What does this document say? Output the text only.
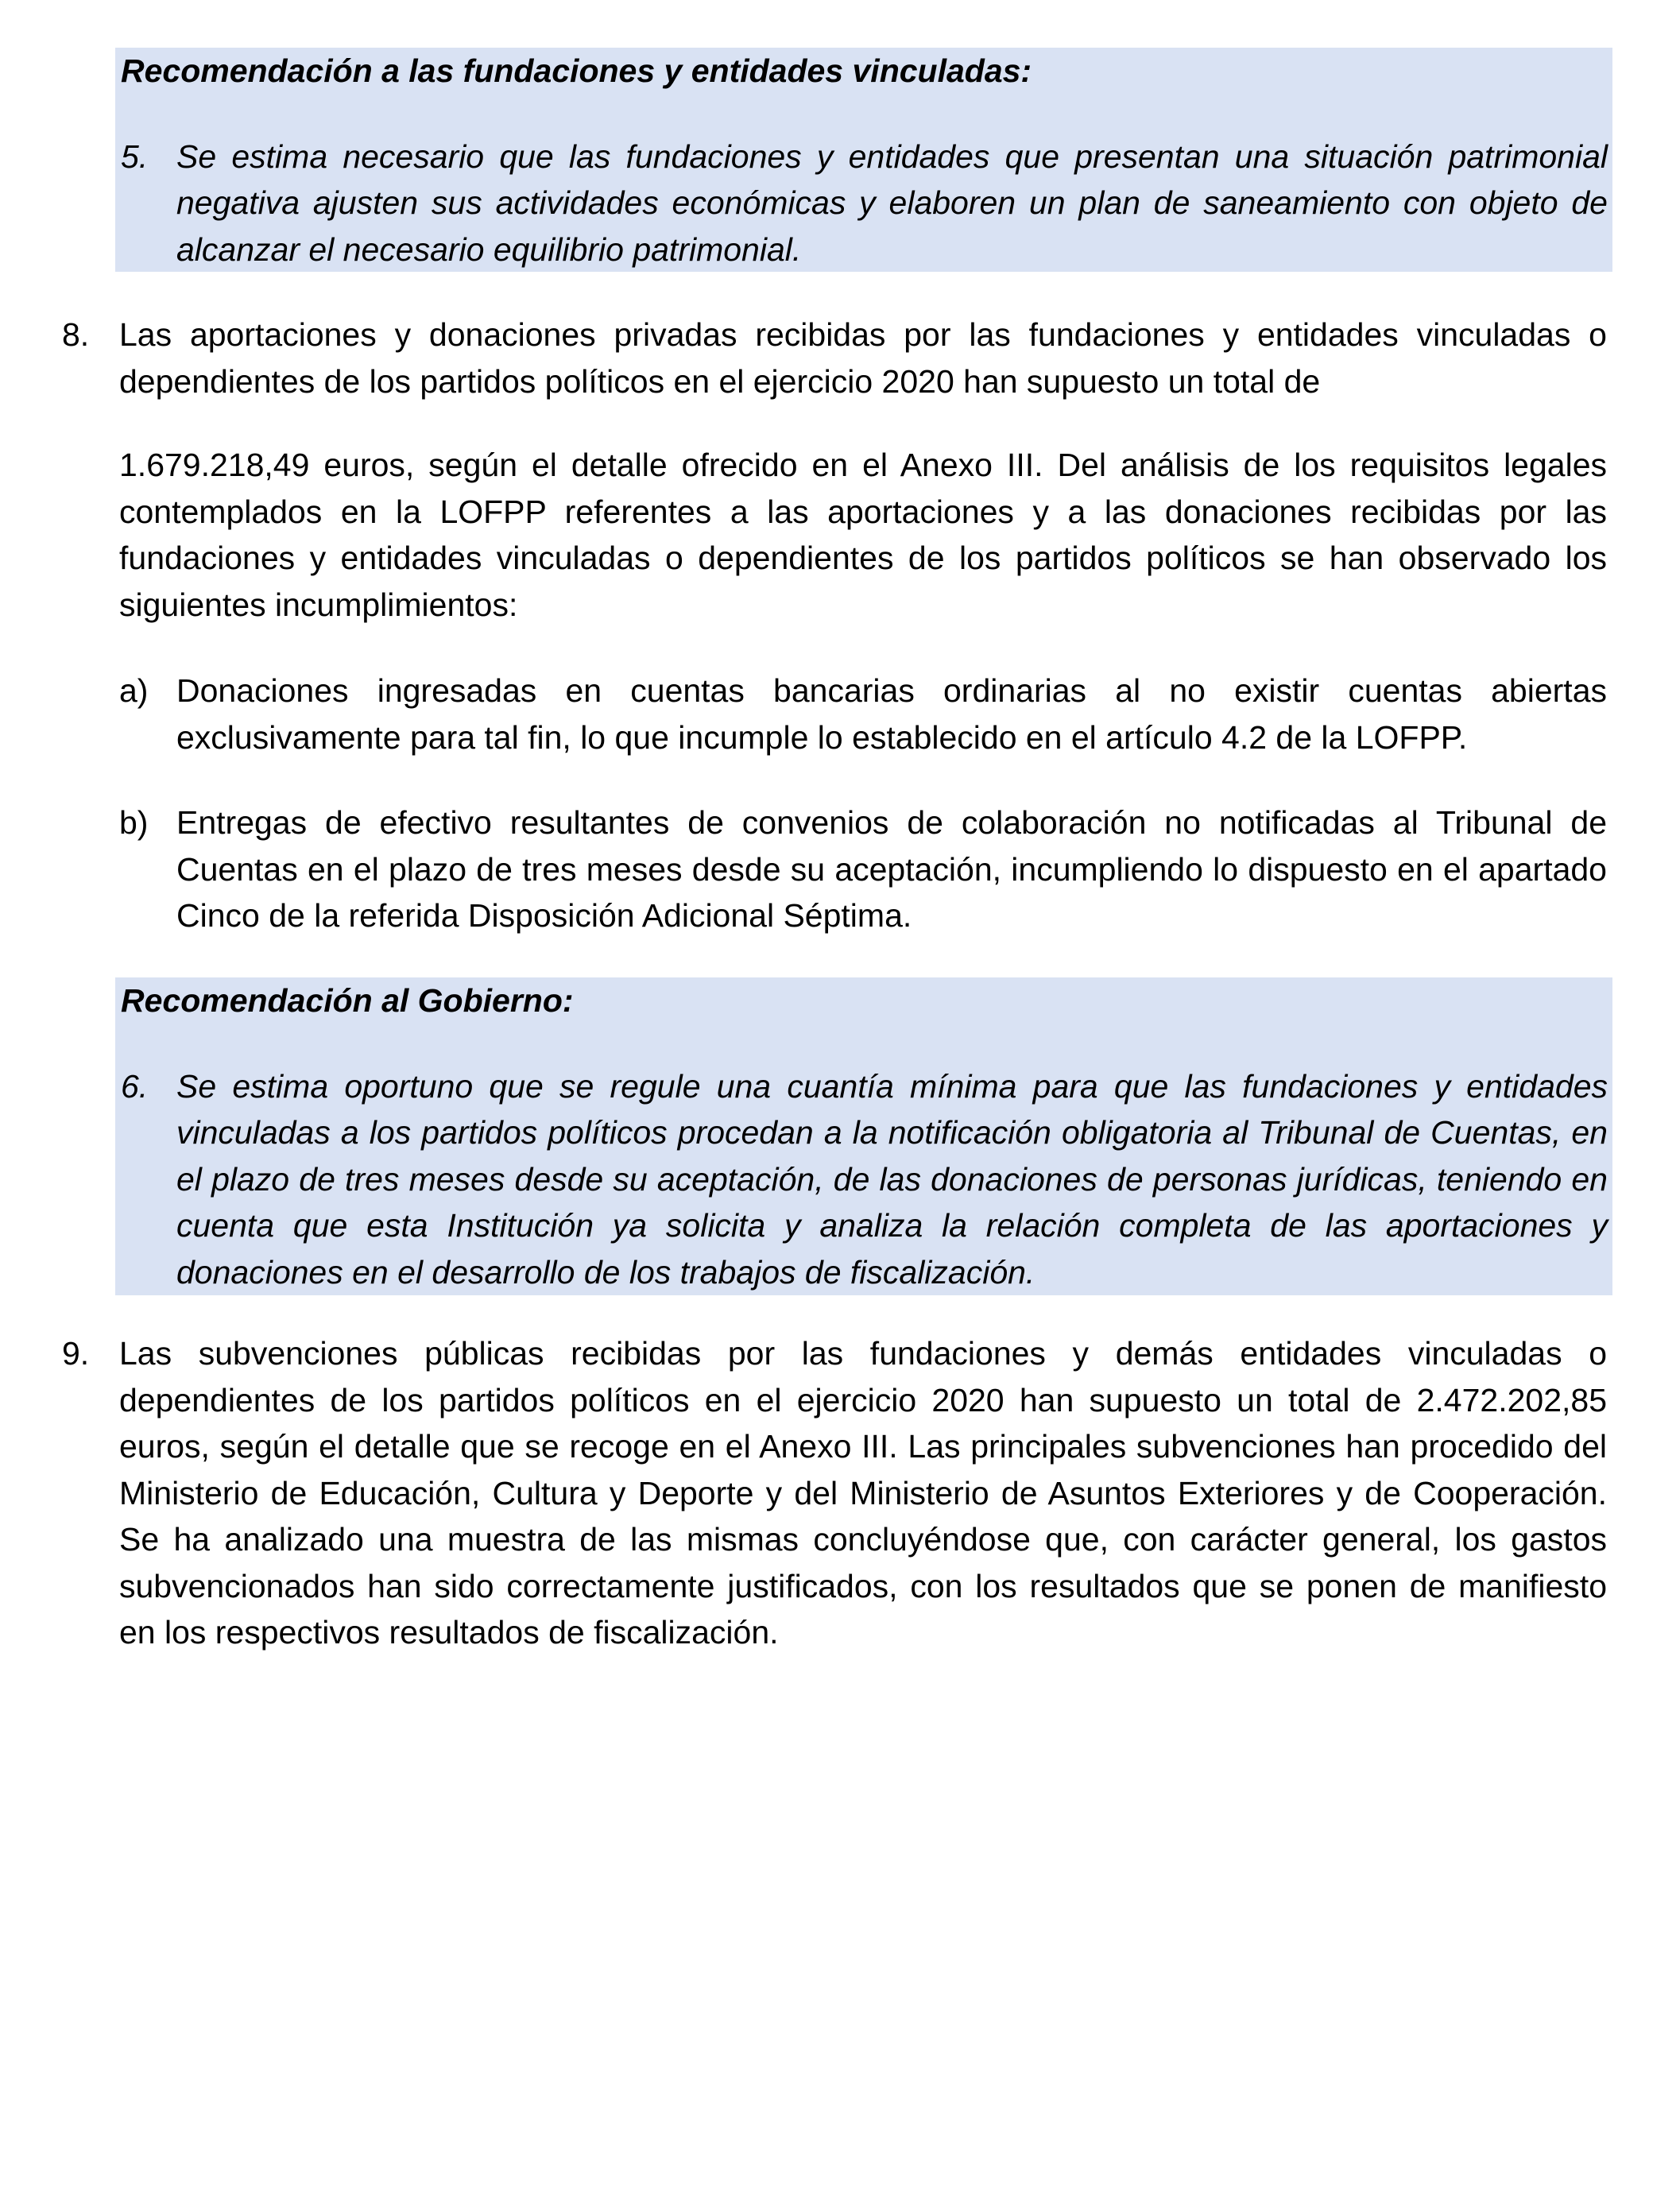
Recomendación a las fundaciones y entidades vinculadas:

5. Se estima necesario que las fundaciones y entidades que presentan una situación patrimonial negativa ajusten sus actividades económicas y elaboren un plan de saneamiento con objeto de alcanzar el necesario equilibrio patrimonial.
8. Las aportaciones y donaciones privadas recibidas por las fundaciones y entidades vinculadas o dependientes de los partidos políticos en el ejercicio 2020 han supuesto un total de

1.679.218,49 euros, según el detalle ofrecido en el Anexo III. Del análisis de los requisitos legales contemplados en la LOFPP referentes a las aportaciones y a las donaciones recibidas por las fundaciones y entidades vinculadas o dependientes de los partidos políticos se han observado los siguientes incumplimientos:

a) Donaciones ingresadas en cuentas bancarias ordinarias al no existir cuentas abiertas exclusivamente para tal fin, lo que incumple lo establecido en el artículo 4.2 de la LOFPP.
b) Entregas de efectivo resultantes de convenios de colaboración no notificadas al Tribunal de Cuentas en el plazo de tres meses desde su aceptación, incumpliendo lo dispuesto en el apartado Cinco de la referida Disposición Adicional Séptima.

Recomendación al Gobierno:

6. Se estima oportuno que se regule una cuantía mínima para que las fundaciones y entidades vinculadas a los partidos políticos procedan a la notificación obligatoria al Tribunal de Cuentas, en el plazo de tres meses desde su aceptación, de las donaciones de personas jurídicas, teniendo en cuenta que esta Institución ya solicita y analiza la relación completa de las aportaciones y donaciones en el desarrollo de los trabajos de fiscalización.
9. Las subvenciones públicas recibidas por las fundaciones y demás entidades vinculadas o dependientes de los partidos políticos en el ejercicio 2020 han supuesto un total de 2.472.202,85 euros, según el detalle que se recoge en el Anexo III. Las principales subvenciones han procedido del Ministerio de Educación, Cultura y Deporte y del Ministerio de Asuntos Exteriores y de Cooperación. Se ha analizado una muestra de las mismas concluyéndose que, con carácter general, los gastos subvencionados han sido correctamente justificados, con los resultados que se ponen de manifiesto en los respectivos resultados de fiscalización.
